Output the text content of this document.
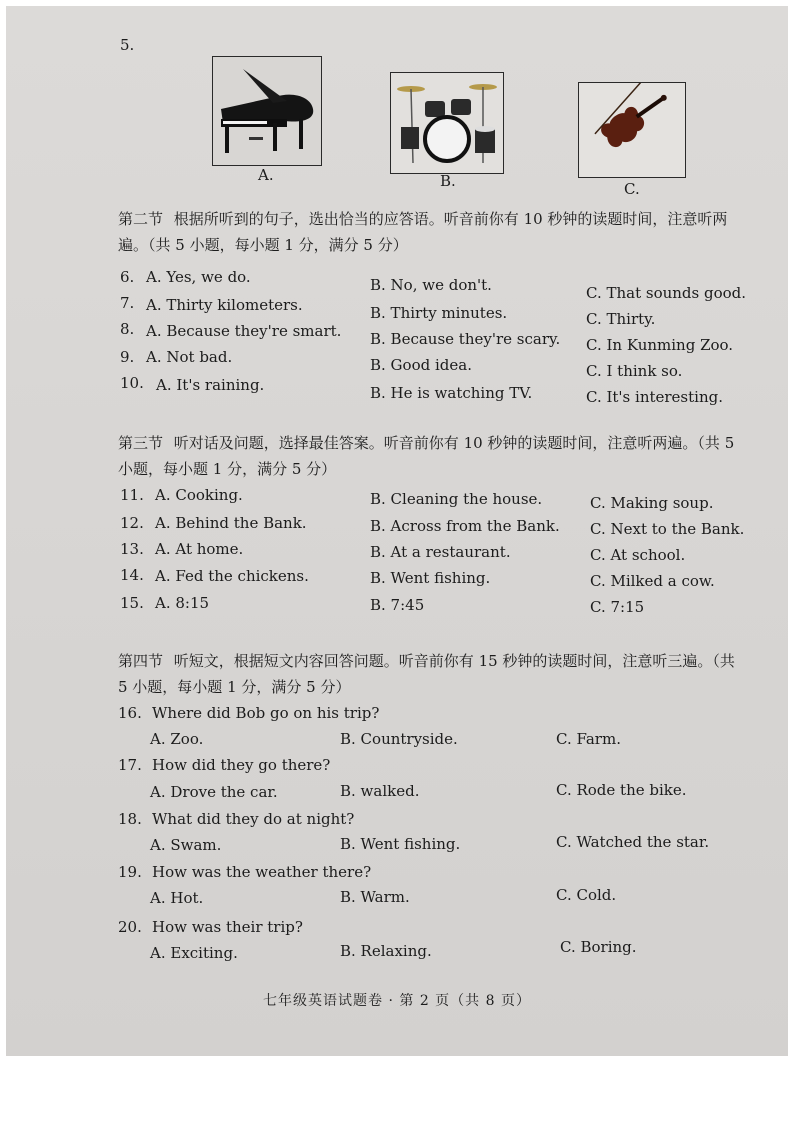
5.
A.	B.	C.
第二节 根据所听到的句子，选出恰当的应答语。听音前你有 10 秒钟的读题时间，注意听两遍。（共 5 小题，每小题 1 分，满分 5 分）
6. A. Yes, we do.	B. No, we don't.	C. That sounds good.
7. A. Thirty kilometers.	B. Thirty minutes.	C. Thirty.
8. A. Because they're smart. B. Because they're scary. C. In Kunming Zoo.
9. A. Not bad.	B. Good idea.	C. I think so.
10. A. It's raining.	B. He is watching TV.	C. It's interesting.
第三节 听对话及问题，选择最佳答案。听音前你有 10 秒钟的读题时间，注意听两遍。（共 5 小题，每小题 1 分，满分 5 分）
11. A. Cooking.	B. Cleaning the house.	C. Making soup.
12. A. Behind the Bank.	B. Across from the Bank. C. Next to the Bank.
13. A. At home.	B. At a restaurant.	C. At school.
14. A. Fed the chickens.	B. Went fishing.	C. Milked a cow.
15. A. 8:15	B. 7:45	C. 7:15
第四节 听短文，根据短文内容回答问题。听音前你有 15 秒钟的读题时间，注意听三遍。（共 5 小题，每小题 1 分，满分 5 分）
16. Where did Bob go on his trip?
A. Zoo.	B. Countryside.	C. Farm.
17. How did they go there?
A. Drove the car.	B. walked.	C. Rode the bike.
18. What did they do at night?
A. Swam.	B. Went fishing.	C. Watched the star.
19. How was the weather there?
A. Hot.	B. Warm.	C. Cold.
20. How was their trip?
A. Exciting.	B. Relaxing.	C. Boring.
七年级英语试题卷 · 第 2 页（共 8 页）
